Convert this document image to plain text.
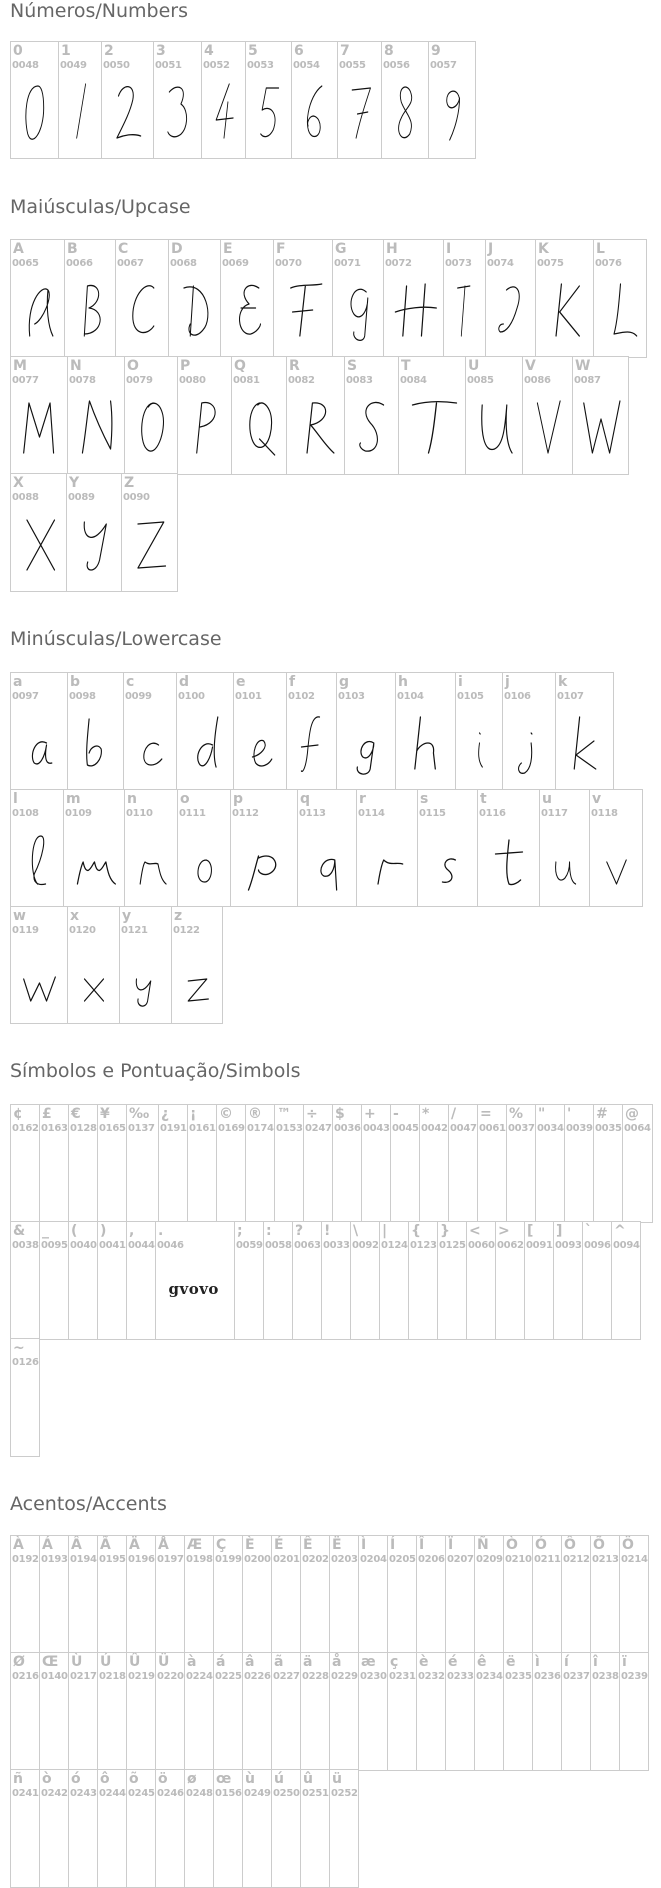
Números/Numbers
0
0048
1
0049
2
0050
3
0051
4
0052
5
0053
6
0054
7
0055
8
0056
9
0057
Maiúsculas/Upcase
A
0065
B
0066
C
0067
D
0068
E
0069
F
0070
G
0071
H
0072
I
0073
J
0074
K
0075
L
0076
M
0077
N
0078
O
0079
P
0080
Q
0081
R
0082
S
0083
T
0084
U
0085
V
0086
W
0087
X
0088
Y
0089
Z
0090
Minúsculas/Lowercase
a
0097
b
0098
c
0099
d
0100
e
0101
f
0102
g
0103
h
0104
i
0105
j
0106
k
0107
l
0108
m
0109
n
0110
o
0111
p
0112
q
0113
r
0114
s
0115
t
0116
u
0117
v
0118
w
0119
x
0120
y
0121
z
0122
Símbolos e Pontuação/Simbols
¢
0162
£
0163
€
0128
¥
0165
‰
0137
¿
0191
¡
0161
©
0169
®
0174
™
0153
÷
0247
$
0036
+
0043
-
0045
*
0042
/
0047
=
0061
%
0037
"
0034
'
0039
#
0035
@
0064
&
0038
_
0095
(
0040
)
0041
,
0044
.
0046
gvovo
;
0059
:
0058
?
0063
!
0033
\
0092
|
0124
{
0123
}
0125
<
0060
>
0062
[
0091
]
0093
`
0096
^
0094
~
0126
Acentos/Accents
À
0192
Á
0193
Â
0194
Ã
0195
Ä
0196
Å
0197
Æ
0198
Ç
0199
È
0200
É
0201
Ê
0202
Ë
0203
Ì
0204
Í
0205
Î
0206
Ï
0207
Ñ
0209
Ò
0210
Ó
0211
Ô
0212
Õ
0213
Ö
0214
Ø
0216
Œ
0140
Ù
0217
Ú
0218
Û
0219
Ü
0220
à
0224
á
0225
â
0226
ã
0227
ä
0228
å
0229
æ
0230
ç
0231
è
0232
é
0233
ê
0234
ë
0235
ì
0236
í
0237
î
0238
ï
0239
ñ
0241
ò
0242
ó
0243
ô
0244
õ
0245
ö
0246
ø
0248
œ
0156
ù
0249
ú
0250
û
0251
ü
0252
